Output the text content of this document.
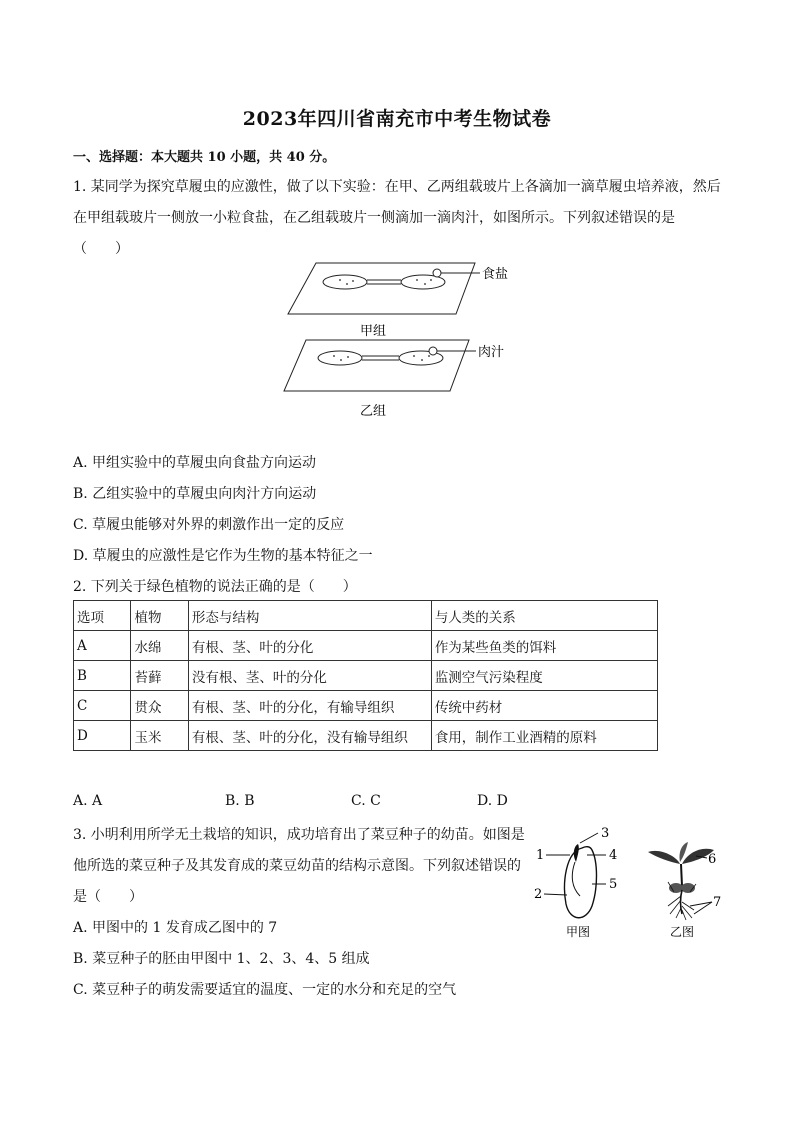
2023年四川省南充市中考生物试卷
一、选择题：本大题共 10 小题，共 40 分。
1. 某同学为探究草履虫的应激性，做了以下实验：在甲、乙两组载玻片上各滴加一滴草履虫培养液，然后
在甲组载玻片一侧放一小粒食盐，在乙组载玻片一侧滴加一滴肉汁，如图所示。下列叙述错误的是
（　　）
食盐
甲组
肉汁
乙组
A. 甲组实验中的草履虫向食盐方向运动
B. 乙组实验中的草履虫向肉汁方向运动
C. 草履虫能够对外界的刺激作出一定的反应
D. 草履虫的应激性是它作为生物的基本特征之一
2. 下列关于绿色植物的说法正确的是（　　）
选项	植物	形态与结构	与人类的关系
A	水绵	有根、茎、叶的分化	作为某些鱼类的饵料
B	苔藓	没有根、茎、叶的分化	监测空气污染程度
C	贯众	有根、茎、叶的分化，有输导组织	传统中药材
D	玉米	有根、茎、叶的分化，没有输导组织	食用，制作工业酒精的原料
A. A	B. B	C. C	D. D
3. 小明利用所学无土栽培的知识，成功培育出了菜豆种子的幼苗。如图是
他所选的菜豆种子及其发育成的菜豆幼苗的结构示意图。下列叙述错误的
是（　　）
1
2
3
4
5
甲图
6
7
乙图
A. 甲图中的 1 发育成乙图中的 7
B. 菜豆种子的胚由甲图中 1、2、3、4、5 组成
C. 菜豆种子的萌发需要适宜的温度、一定的水分和充足的空气
